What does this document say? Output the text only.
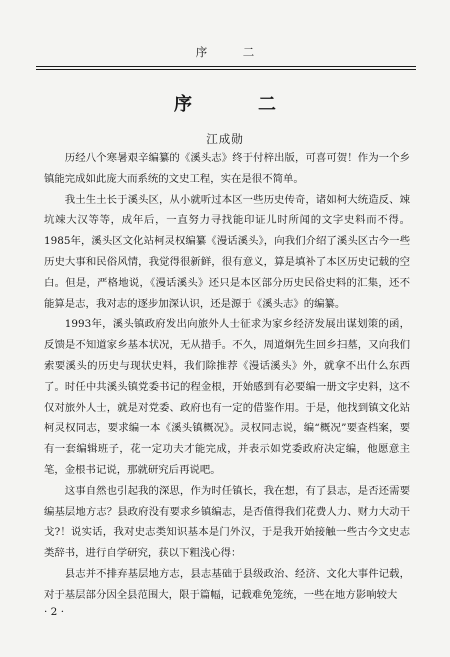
序　二
序　二
江成勋

历经八个寒暑艰辛编纂的《溪头志》终于付梓出版，可喜可贺！作为一个乡镇能完成如此庞大而系统的文史工程，实在是很不简单。

我土生土长于溪头区，从小就听过本区一些历史传奇，诸如柯大统造反、竦坑竦大汉等等，成年后，一直努力寻找能印证儿时所闻的文字史料而不得。1985年，溪头区文化站柯灵权编纂《漫话溪头》，向我们介绍了溪头区古今一些历史大事和民俗风情，我觉得很新鲜，很有意义，算是填补了本区历史记载的空白。但是，严格地说，《漫话溪头》还只是本区部分历史民俗史料的汇集，还不能算是志，我对志的逐步加深认识，还是源于《溪头志》的编纂。

1993年，溪头镇政府发出向旅外人士征求为家乡经济发展出谋划策的函，反馈是不知道家乡基本状况，无从措手。不久，周道炯先生回乡扫墓，又向我们索要溪头的历史与现状史料，我们除推荐《漫话溪头》外，就拿不出什么东西了。时任中共溪头镇党委书记的程金根，开始感到有必要编一册文字史料，这不仅对旅外人士，就是对党委、政府也有一定的借鉴作用。于是，他找到镇文化站柯灵权同志，要求编一本《溪头镇概况》。灵权同志说，编“概况”要查档案，要有一套编辑班子，花一定功夫才能完成，并表示如党委政府决定编，他愿意主笔，金根书记说，那就研究后再说吧。

这事自然也引起我的深思，作为时任镇长，我在想，有了县志，是否还需要编基层地方志？县政府没有要求乡镇编志，是否值得我们花费人力、财力大动干戈?！说实话，我对史志类知识基本是门外汉，于是我开始接触一些古今文史志类辞书，进行自学研究，获以下粗浅心得：

县志并不排弃基层地方志，县志基础于县级政治、经济、文化大事件记载，对于基层部分因全县范围大，限于篇幅，记载难免笼统，一些在地方影响较大

· 2 ·
